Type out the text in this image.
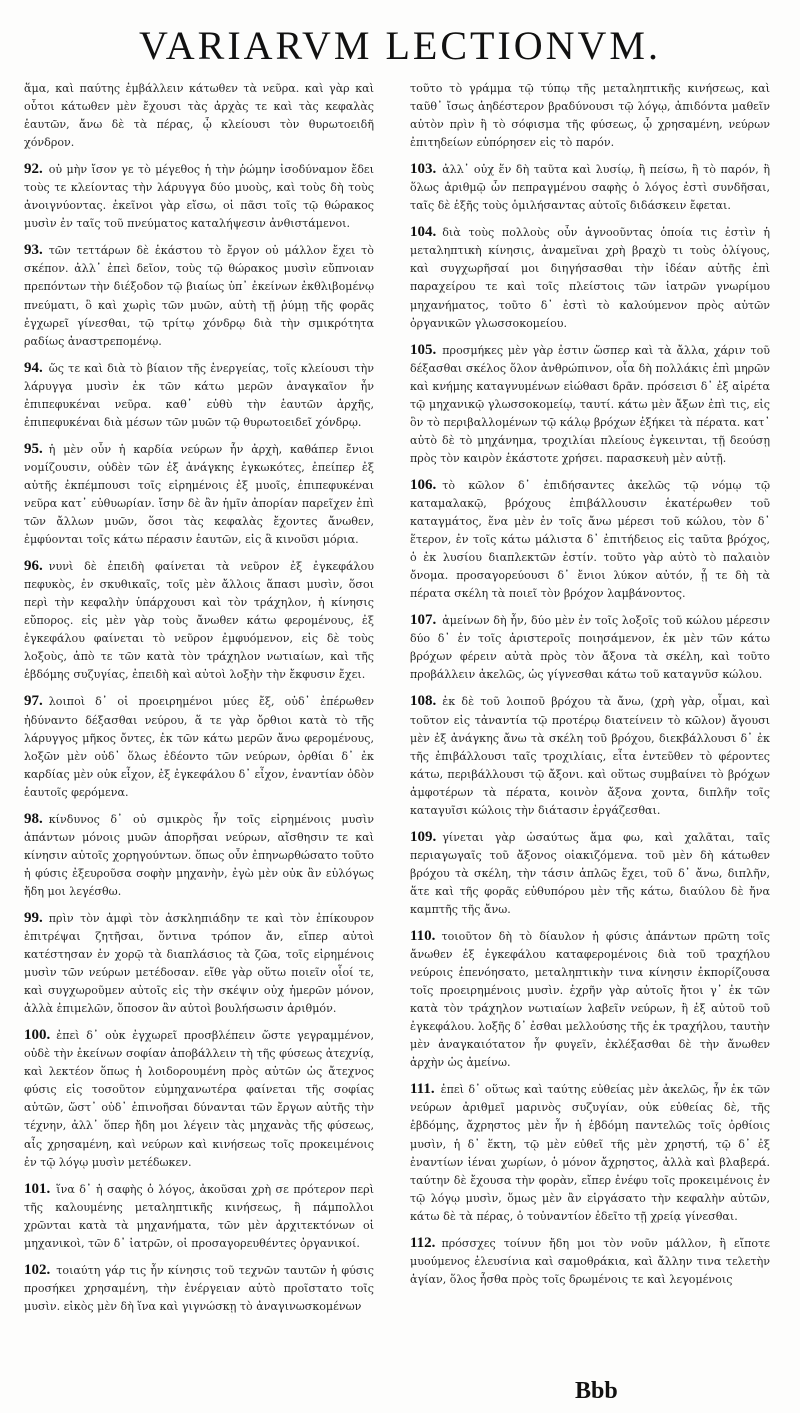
VARIARVM LECTIONVM.

ἅμα, καὶ παύτης ἐμβάλλειν κάτωθεν τὰ νεῦρα. καὶ γὰρ καὶ οὗτοι κάτωθεν μὲν ἔχουσι τὰς ἀρχὰς τε καὶ τὰς κεφαλὰς ἑαυτῶν, ἄνω δὲ τὰ πέρας, ᾧ κλείουσι τὸν θυρωτοειδῆ χόνδρον.

92. οὐ μὴν ἴσον γε τὸ μέγεθος ἡ τὴν ῥώμην ἰσοδύναμον ἔδει τοὺς τε κλείοντας τὴν λάρυγγα δύο μυοὺς, καὶ τοὺς δὴ τοὺς ἀνοιγνύοντας. ἐκεῖνοι γὰρ εἴσω, οἱ πᾶσι τοῖς τῷ θώρακος μυσὶν ἐν ταῖς τοῦ πνεύματος καταλήψεσιν ἀνθιστάμενοι.

93. τῶν τεττάρων δὲ ἑκάστου τὸ ἔργον οὐ μάλλον ἔχει τὸ σκέπον. ἀλλ᾽ ἐπεὶ δεῖον, τοὺς τῷ θώρακος μυσὶν εὔπνοιαν πρεπόντων τὴν διέξοδον τῷ βιαίως ὑπ᾽ ἐκείνων ἐκθλιβομένῳ πνεύματι, ὃ καὶ χωρὶς τῶν μυῶν, αὐτὴ τῇ ῥύμῃ τῆς φορᾶς ἐγχωρεῖ γίνεσθαι, τῷ τρίτῳ χόνδρῳ διὰ τὴν σμικρότητα ραδίως ἀναστρεπομένῳ.

94. ὥς τε καὶ διὰ τὸ βίαιον τῆς ἐνεργείας, τοῖς κλείουσι τὴν λάρυγγα μυσὶν ἐκ τῶν κάτω μερῶν ἀναγκαῖον ἦν ἐπιπεφυκέναι νεῦρα. καθ᾽ εὐθὺ τὴν ἑαυτῶν ἀρχῆς, ἐπιπεφυκέναι διὰ μέσων τῶν μυῶν τῷ θυρωτοειδεῖ χόνδρῳ.

95. ἡ μὲν οὖν ἡ καρδία νεύρων ἦν ἀρχὴ, καθάπερ ἔνιοι νομίζουσιν, οὐδὲν τῶν ἐξ ἀνάγκης ἐγκωκότες, ἐπείπερ ἐξ αὐτῆς ἐκπέμπουσι τοῖς εἰρημένοις ἐξ μυοῖς, ἐπιπεφυκέναι νεῦρα κατ᾽ εὐθυωρίαν. ἴσην δὲ ἂν ἡμῖν ἀπορίαν παρεῖχεν ἐπὶ τῶν ἄλλων μυῶν, ὅσοι τὰς κεφαλὰς ἔχοντες ἄνωθεν, ἐμφύονται τοῖς κάτω πέρασιν ἑαυτῶν, εἰς ἃ κινοῦσι μόρια.

96. νυνὶ δὲ ἐπειδὴ φαίνεται τὰ νεῦρον ἐξ ἐγκεφάλου πεφυκὸς, ἐν σκυθικαῖς, τοῖς μὲν ἄλλοις ἅπασι μυσὶν, ὅσοι περὶ τὴν κεφαλὴν ὑπάρχουσι καὶ τὸν τράχηλον, ἡ κίνησις εὔπορος. εἰς μὲν γὰρ τοὺς ἄνωθεν κάτω φερομένους, ἐξ ἐγκεφάλου φαίνεται τὸ νεῦρον ἐμφυόμενον, εἰς δὲ τοὺς λοξοὺς, ἀπὸ τε τῶν κατὰ τὸν τράχηλον νωτιαίων, καὶ τῆς ἑβδόμης συζυγίας, ἐπειδὴ καὶ αὐτοὶ λοξὴν τὴν ἔκφυσιν ἔχει.

97. λοιποὶ δ᾽ οἱ προειρημένοι μύες ἔξ, οὐδ᾽ ἐπέρωθεν ἠδύναντο δέξασθαι νεύρου, ἅ τε γὰρ ὄρθιοι κατὰ τὸ τῆς λάρυγγος μῆκος ὄντες, ἐκ τῶν κάτω μερῶν ἄνω φερομένους, λοξῶν μὲν οὐδ᾽ ὅλως ἐδέοντο τῶν νεύρων, ὀρθίαι δ᾽ ἐκ καρδίας μὲν οὐκ εἶχον, ἐξ ἐγκεφάλου δ᾽ εἶχον, ἐναντίαν ὁδὸν ἑαυτοῖς φερόμενα.

98. κίνδυνος δ᾽ οὐ σμικρὸς ἦν τοῖς εἰρημένοις μυσὶν ἀπάντων μόνοις μυῶν ἀπορῆσαι νεύρων, αἴσθησιν τε καὶ κίνησιν αὐτοῖς χορηγούντων. ὅπως οὖν ἐπηνωρθώσατο τοῦτο ἡ φύσις ἐξευροῦσα σοφὴν μηχανὴν, ἐγὼ μὲν οὐκ ἂν εὐλόγως ἤδη μοι λεγέσθω.

99. πρὶν τὸν ἀμφὶ τὸν ἀσκληπιάδην τε καὶ τὸν ἐπίκουρον ἐπιτρέψαι ζητῆσαι, ὅντινα τρόπον ἄν, εἴπερ αὐτοὶ κατέστησαν ἐν χορῷ τὰ διαπλάσιος τὰ ζῶα, τοῖς εἰρημένοις μυσὶν τῶν νεύρων μετέδοσαν. εἴθε γὰρ οὕτω ποιεῖν οἷοί τε, καὶ συγχωροῦμεν αὐτοῖς εἰς τὴν σκέψιν οὐχ ἡμερῶν μόνον, ἀλλὰ ἐπιμελῶν, ὅποσον ἂν αὐτοὶ βουλήσωσιν ἀριθμόν.

100. ἐπεὶ δ᾽ οὐκ ἐγχωρεῖ προσβλέπειν ὥστε γεγραμμένον, οὐδὲ τὴν ἐκείνων σοφίαν ἀποβάλλειν τὴ τῆς φύσεως ἀτεχνίᾳ, καὶ λεκτέον ὅπως ἡ λοιδορουμένη πρὸς αὐτῶν ὡς ἄτεχνος φύσις εἰς τοσοῦτον εὐμηχανωτέρα φαίνεται τῆς σοφίας αὐτῶν, ὥστ᾽ οὐδ᾽ ἐπινοῆσαι δύνανται τῶν ἔργων αὐτῆς τὴν τέχνην, ἀλλ᾽ ὅπερ ἤδη μοι λέγειν τὰς μηχανὰς τῆς φύσεως, αἷς χρησαμένη, καὶ νεύρων καὶ κινήσεως τοῖς προκειμένοις ἐν τῷ λόγῳ μυσὶν μετέδωκεν.

101. ἵνα δ᾽ ἡ σαφὴς ὁ λόγος, ἀκοῦσαι χρὴ σε πρότερον περὶ τῆς καλουμένης μεταληπτικῆς κινήσεως, ἣ πάμπολλοι χρῶνται κατὰ τὰ μηχανήματα, τῶν μὲν ἀρχιτεκτόνων οἱ μηχανικοὶ, τῶν δ᾽ ἰατρῶν, οἱ προσαγορευθέντες ὀργανικοί.

102. τοιαύτη γάρ τις ἦν κίνησις τοῦ τεχνῶν ταυτῶν ἡ φύσις προσήκει χρησαμένη, τὴν ἐνέργειαν αὐτὸ προῖστατο τοῖς μυσὶν. εἰκὸς μὲν δὴ ἵνα καὶ γιγνώσκῃ τὸ ἀναγινωσκομένων

τοῦτο τὸ γράμμα τῷ τύπῳ τῆς μεταληπτικῆς κινήσεως, καὶ ταῦθ᾽ ἴσως ἀηδέστερον βραδύνουσι τῷ λόγῳ, ἀπιδόντα μαθεῖν αὐτὸν πρὶν ἢ τὸ σόφισμα τῆς φύσεως, ᾧ χρησαμένη, νεύρων ἐπιτηδείων εὐπόρησεν εἰς τὸ παρόν.

103. ἀλλ᾽ οὐχ ἕν δὴ ταῦτα καὶ λυσίῳ, ἢ πείσω, ἢ τὸ παρόν, ἢ ὅλως ἀριθμῷ ὦν πεπραγμένου σαφὴς ὁ λόγος ἐστὶ συνδῆσαι, ταῖς δὲ ἑξῆς τοὺς ὁμιλήσαντας αὐτοῖς διδάσκειν ἔφεται.

104. διὰ τοὺς πολλοὺς οὖν ἀγνοοῦντας ὁποία τις ἐστὶν ἡ μεταληπτικὴ κίνησις, ἀναμεῖναι χρὴ βραχὺ τι τοὺς ὀλίγους, καὶ συγχωρῆσαί μοι διηγήσασθαι τὴν ἰδέαν αὐτῆς ἐπὶ παραχείρου τε καὶ τοῖς πλείστοις τῶν ἰατρῶν γνωρίμου μηχανήματος, τοῦτο δ᾽ ἐστὶ τὸ καλούμενον πρὸς αὐτῶν ὀργανικῶν γλωσσοκομείου.

105. προσμήκες μὲν γὰρ ἐστιν ὥσπερ καὶ τὰ ἄλλα, χάριν τοῦ δέξασθαι σκέλος ὅλον ἀνθρώπινον, οἷα δὴ πολλάκις ἐπὶ μηρῶν καὶ κνήμης καταγνυμένων εἰώθασι δρᾶν. πρόσεισι δ᾽ ἐξ αἱρέτα τῷ μηχανικῷ γλωσσοκομείῳ, ταυτί. κάτω μὲν ἄξων ἐπὶ τις, εἰς ὃν τὸ περιβαλλομένων τῷ κάλῳ βρόχων ἐξήκει τὰ πέρατα. κατ᾽ αὐτὸ δὲ τὸ μηχάνημα, τροχιλίαι πλείους ἐγκεινται, τῇ δεούσῃ πρὸς τὸν καιρὸν ἑκάστοτε χρήσει. παρασκευὴ μὲν αὐτῇ.

106. τὸ κῶλον δ᾽ ἐπιδήσαντες ἀκελῶς τῷ νόμῳ τῷ καταμαλακῷ, βρόχους ἐπιβάλλουσιν ἑκατέρωθεν τοῦ καταγμάτος, ἕνα μὲν ἐν τοῖς ἄνω μέρεσι τοῦ κώλου, τὸν δ᾽ ἕτερον, ἐν τοῖς κάτω μάλιστα δ᾽ ἐπιτήδειος εἰς ταῦτα βρόχος, ὁ ἐκ λυσίου διαπλεκτῶν ἐστίν. τοῦτο γὰρ αὐτὸ τὸ παλαιὸν ὄνομα. προσαγορεύουσι δ᾽ ἔνιοι λύκον αὐτόν, ᾗ τε δὴ τὰ πέρατα σκέλη τὰ ποιεῖ τὸν βρόχον λαμβάνοντος.

107. ἀμείνων δὴ ἦν, δύο μὲν ἐν τοῖς λοξοῖς τοῦ κώλου μέρεσιν δύο δ᾽ ἐν τοῖς ἀριστεροῖς ποιησάμενον, ἐκ μὲν τῶν κάτω βρόχων φέρειν αὐτὰ πρὸς τὸν ἄξονα τὰ σκέλη, καὶ τοῦτο προβάλλειν ἀκελῶς, ὡς γίγνεσθαι κάτω τοῦ καταγνῦσ κώλου.

108. ἐκ δὲ τοῦ λοιποῦ βρόχου τὰ ἄνω, (χρὴ γὰρ, οἶμαι, καὶ τοῦτον εἰς τἀναντία τῷ προτέρῳ διατείνειν τὸ κῶλον) ἄγουσι μὲν ἐξ ἀνάγκης ἄνω τὰ σκέλη τοῦ βρόχου, διεκβάλλουσι δ᾽ ἐκ τῆς ἐπιβάλλουσι ταῖς τροχιλίαις, εἶτα ἐντεῦθεν τὸ φέροντες κάτω, περιβάλλουσι τῷ ἄξονι. καὶ οὕτως συμβαίνει τὸ βρόχων ἀμφοτέρων τὰ πέρατα, κοινὸν ἄξονα χοντα, διπλῆν τοῖς καταγυῖσι κώλοις τὴν διάτασιν ἐργάζεσθαι.

109. γίνεται γὰρ ὡσαύτως ἅμα φω, καὶ χαλᾶται, ταῖς περιαγωγαῖς τοῦ ἄξονος οἰακιζόμενα. τοῦ μὲν δὴ κάτωθεν βρόχου τὰ σκέλη, τὴν τάσιν ἁπλῶς ἔχει, τοῦ δ᾽ ἄνω, διπλῆν, ἅτε καὶ τῆς φορᾶς εὐθυπόρου μὲν τῆς κάτω, διαύλου δὲ ἤνα καμπτῆς τῆς ἄνω.

110. τοιοῦτον δὴ τὸ δίαυλον ἡ φύσις ἀπάντων πρῶτη τοῖς ἄνωθεν ἐξ ἐγκεφάλου καταφερομένοις διὰ τοῦ τραχήλου νεύροις ἐπενόησατο, μεταληπτικὴν τινα κίνησιν ἐκπορίζουσα τοῖς προειρημένοις μυσὶν. ἐχρῆν γὰρ αὐτοῖς ἤτοι γ᾽ ἐκ τῶν κατὰ τὸν τράχηλον νωτιαίων λαβεῖν νεύρων, ἢ ἐξ αὐτοῦ τοῦ ἐγκεφάλου. λοξῆς δ᾽ ἐσθαι μελλούσης τῆς ἐκ τραχήλου, ταυτὴν μὲν ἀναγκαιότατον ἦν φυγεῖν, ἐκλέξασθαι δὲ τὴν ἄνωθεν ἀρχὴν ὡς ἀμείνω.

111. ἐπεὶ δ᾽ οὕτως καὶ ταύτης εὐθείας μὲν ἀκελῶς, ἦν ἐκ τῶν νεύρων ἀριθμεῖ μαρινὸς συζυγίαν, οὐκ εὐθείας δὲ, τῆς ἑβδόμης, ἄχρηστος μὲν ἦν ἡ ἑβδόμη παντελῶς τοῖς ὀρθίοις μυσὶν, ἡ δ᾽ ἕκτη, τῷ μὲν εὐθεῖ τῆς μὲν χρηστή, τῷ δ᾽ ἐξ ἐναντίων ἰέναι χωρίων, ὁ μόνον ἄχρηστος, ἀλλὰ καὶ βλαβερά. ταύτην δὲ ἔχουσα τὴν φορὰν, εἴπερ ἐνέφυ τοῖς προκειμένοις ἐν τῷ λόγῳ μυσὶν, ὅμως μὲν ἂν εἰργάσατο τὴν κεφαλὴν αὐτῶν, κάτω δὲ τὰ πέρας, ὁ τοὐναντίον ἐδεῖτο τῇ χρείᾳ γίνεσθαι.

112. πρόσσχες τοίνυν ἤδη μοι τὸν νοῦν μάλλον, ἢ εἴποτε μυούμενος ἐλευσίνια καὶ σαμοθράκια, καὶ ἄλλην τινα τελετὴν ἁγίαν, ὅλος ἦσθα πρὸς τοῖς δρωμένοις τε καὶ λεγομένοις

Bbb
